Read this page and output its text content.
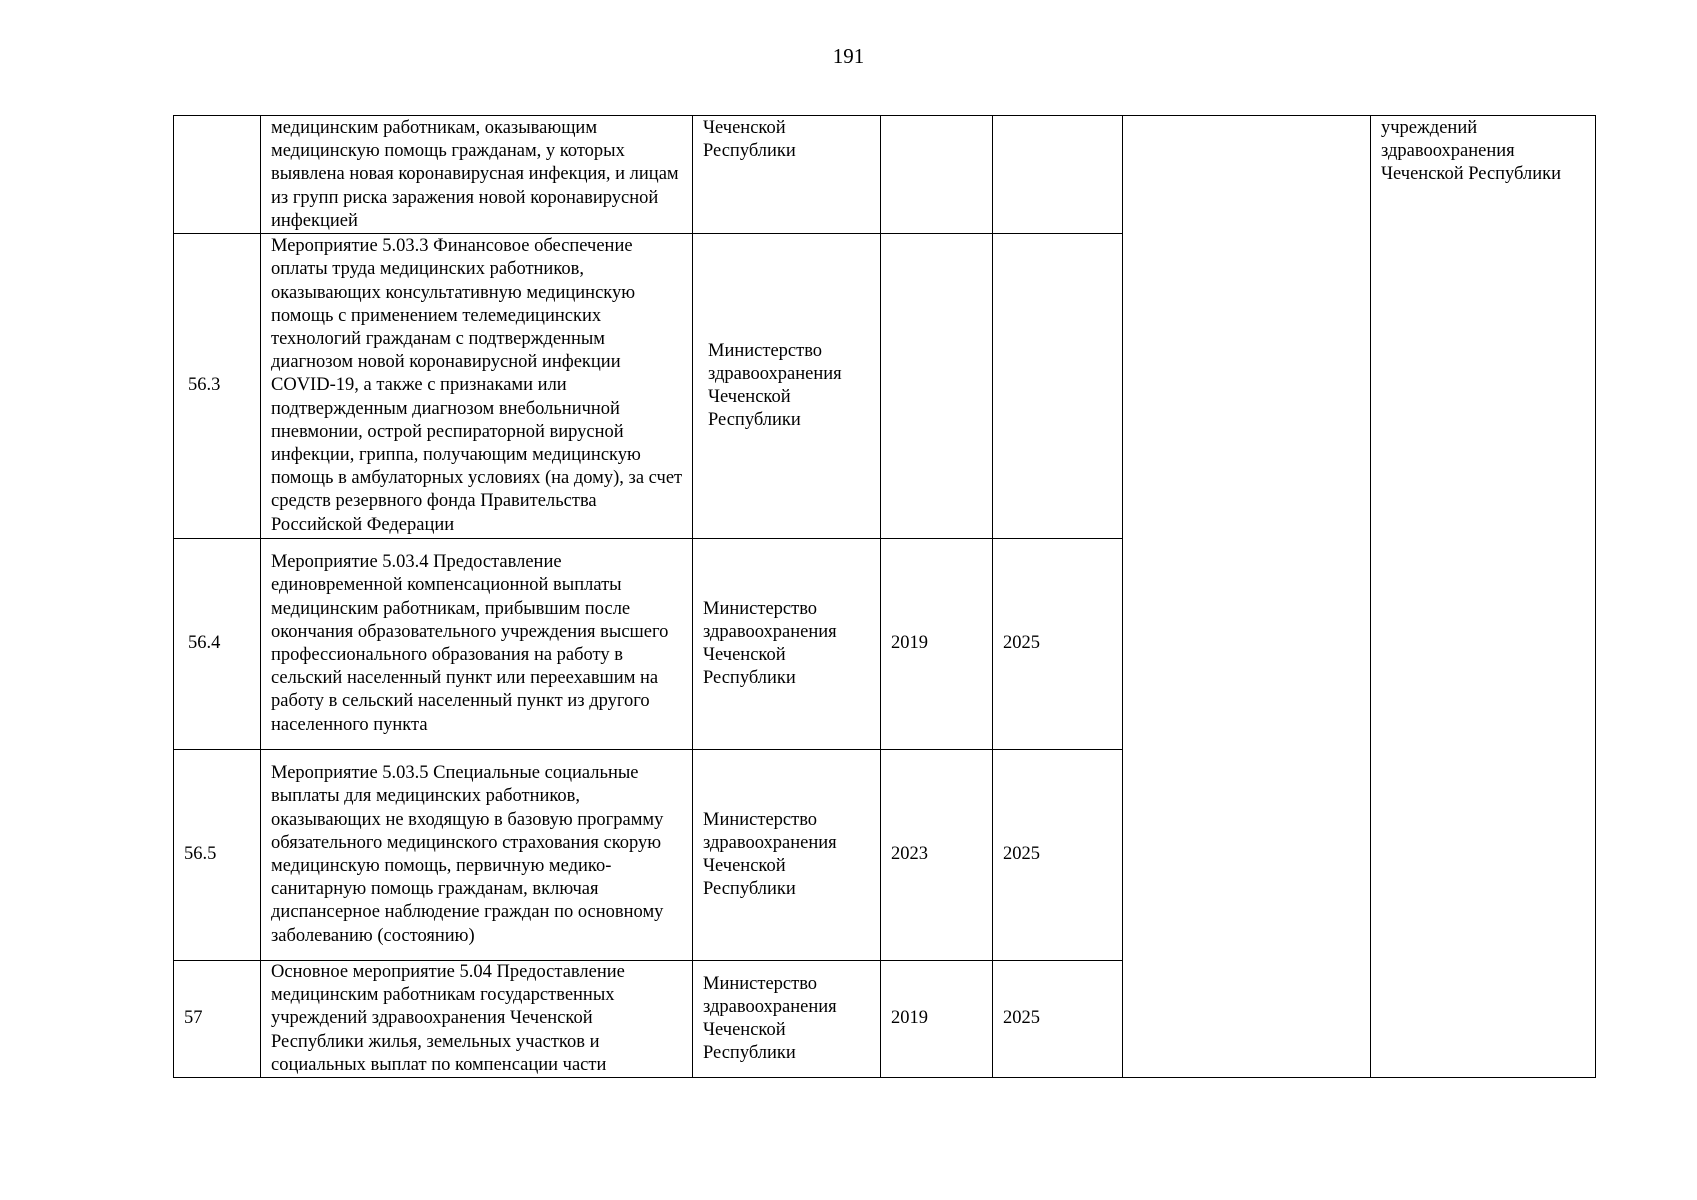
191
	медицинским работникам, оказывающим медицинскую помощь гражданам, у которых выявлена новая коронавирусная инфекция, и лицам из групп риска заражения новой коронавирусной инфекцией	Чеченской Республики				учреждений здравоохранения Чеченской Республики
56.3	Мероприятие 5.03.3 Финансовое обеспечение оплаты труда медицинских работников, оказывающих консультативную медицинскую помощь с применением телемедицинских технологий гражданам с подтвержденным диагнозом новой коронавирусной инфекции COVID-19, а также с признаками или подтвержденным диагнозом внебольничной пневмонии, острой респираторной вирусной инфекции, гриппа, получающим медицинскую помощь в амбулаторных условиях (на дому), за счет средств резервного фонда Правительства Российской Федерации	Министерство здравоохранения Чеченской Республики				
56.4	Мероприятие 5.03.4 Предоставление единовременной компенсационной выплаты медицинским работникам, прибывшим после окончания образовательного учреждения высшего профессионального образования на работу в сельский населенный пункт или переехавшим на работу в сельский населенный пункт из другого населенного пункта	Министерство здравоохранения Чеченской Республики	2019	2025		
56.5	Мероприятие 5.03.5 Специальные социальные выплаты для медицинских работников, оказывающих не входящую в базовую программу обязательного медицинского страхования скорую медицинскую помощь, первичную медико-санитарную помощь гражданам, включая диспансерное наблюдение граждан по основному заболеванию (состоянию)	Министерство здравоохранения Чеченской Республики	2023	2025		
57	Основное мероприятие 5.04 Предоставление медицинским работникам государственных учреждений здравоохранения Чеченской Республики жилья, земельных участков и социальных выплат по компенсации части	Министерство здравоохранения Чеченской Республики	2019	2025		
